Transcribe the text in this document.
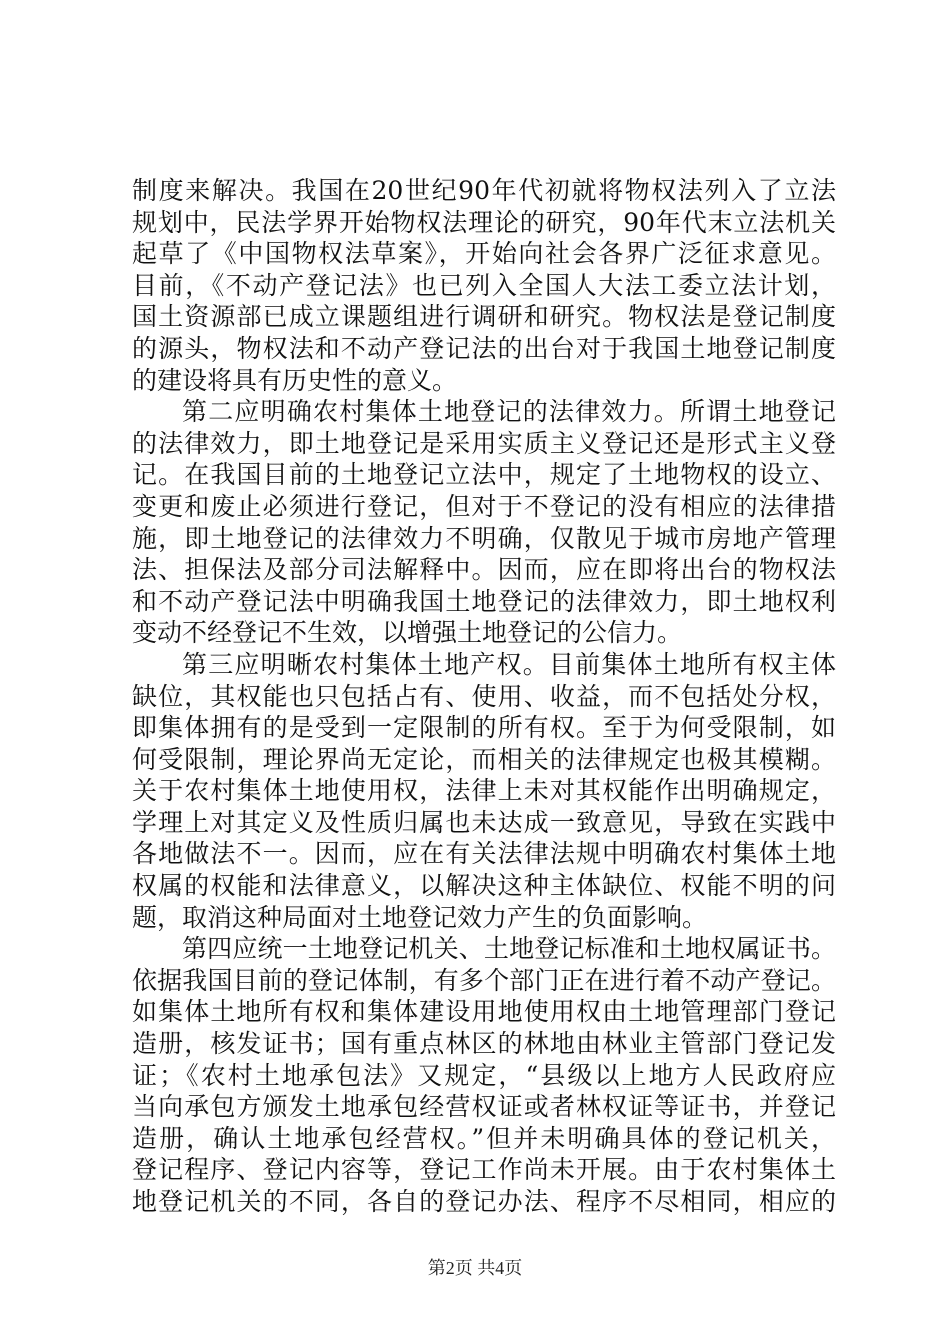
制度来解决。我国在20世纪90年代初就将物权法列入了立法
规划中，民法学界开始物权法理论的研究，90年代末立法机关
起草了《中国物权法草案》，开始向社会各界广泛征求意见。
目前，《不动产登记法》也已列入全国人大法工委立法计划，
国土资源部已成立课题组进行调研和研究。物权法是登记制度
的源头，物权法和不动产登记法的出台对于我国土地登记制度
的建设将具有历史性的意义。
第二应明确农村集体土地登记的法律效力。所谓土地登记
的法律效力，即土地登记是采用实质主义登记还是形式主义登
记。在我国目前的土地登记立法中，规定了土地物权的设立、
变更和废止必须进行登记，但对于不登记的没有相应的法律措
施，即土地登记的法律效力不明确，仅散见于城市房地产管理
法、担保法及部分司法解释中。因而，应在即将出台的物权法
和不动产登记法中明确我国土地登记的法律效力，即土地权利
变动不经登记不生效，以增强土地登记的公信力。
第三应明晰农村集体土地产权。目前集体土地所有权主体
缺位，其权能也只包括占有、使用、收益，而不包括处分权，
即集体拥有的是受到一定限制的所有权。至于为何受限制，如
何受限制，理论界尚无定论，而相关的法律规定也极其模糊。
关于农村集体土地使用权，法律上未对其权能作出明确规定，
学理上对其定义及性质归属也未达成一致意见，导致在实践中
各地做法不一。因而，应在有关法律法规中明确农村集体土地
权属的权能和法律意义，以解决这种主体缺位、权能不明的问
题，取消这种局面对土地登记效力产生的负面影响。
第四应统一土地登记机关、土地登记标准和土地权属证书。
依据我国目前的登记体制，有多个部门正在进行着不动产登记。
如集体土地所有权和集体建设用地使用权由土地管理部门登记
造册，核发证书；国有重点林区的林地由林业主管部门登记发
证；《农村土地承包法》又规定，“县级以上地方人民政府应
当向承包方颁发土地承包经营权证或者林权证等证书，并登记
造册，确认土地承包经营权。”但并未明确具体的登记机关，
登记程序、登记内容等，登记工作尚未开展。由于农村集体土
地登记机关的不同，各自的登记办法、程序不尽相同，相应的
第2页 共4页
